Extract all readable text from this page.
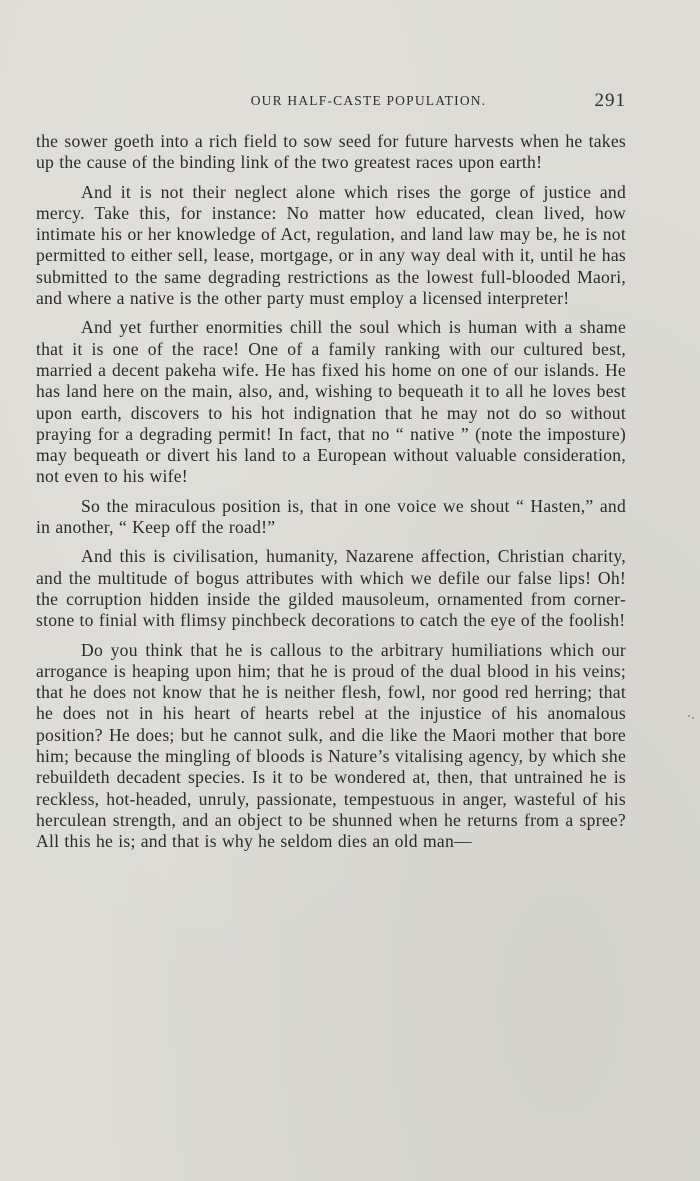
OUR HALF-CASTE POPULATION.	291

the sower goeth into a rich field to sow seed for future harvests when he takes up the cause of the binding link of the two greatest races upon earth!

And it is not their neglect alone which rises the gorge of justice and mercy. Take this, for instance: No matter how educated, clean lived, how intimate his or her knowledge of Act, regulation, and land law may be, he is not permitted to either sell, lease, mortgage, or in any way deal with it, until he has submitted to the same degrading restrictions as the lowest full-blooded Maori, and where a native is the other party must employ a licensed interpreter!

And yet further enormities chill the soul which is human with a shame that it is one of the race! One of a family ranking with our cultured best, married a decent pakeha wife. He has fixed his home on one of our islands. He has land here on the main, also, and, wishing to bequeath it to all he loves best upon earth, discovers to his hot indignation that he may not do so without praying for a degrading permit! In fact, that no “ native ” (note the imposture) may bequeath or divert his land to a European without valuable consideration, not even to his wife!

So the miraculous position is, that in one voice we shout “ Hasten,” and in another, “ Keep off the road!”

And this is civilisation, humanity, Nazarene affection, Christian charity, and the multitude of bogus attributes with which we defile our false lips! Oh! the corruption hidden inside the gilded mausoleum, ornamented from corner-stone to finial with flimsy pinchbeck decorations to catch the eye of the foolish!

Do you think that he is callous to the arbitrary humiliations which our arrogance is heaping upon him; that he is proud of the dual blood in his veins; that he does not know that he is neither flesh, fowl, nor good red herring; that he does not in his heart of hearts rebel at the injustice of his anomalous position? He does; but he cannot sulk, and die like the Maori mother that bore him; because the mingling of bloods is Nature’s vitalising agency, by which she rebuildeth decadent species. Is it to be wondered at, then, that untrained he is reckless, hot-headed, unruly, passionate, tempestuous in anger, wasteful of his herculean strength, and an object to be shunned when he returns from a spree? All this he is; and that is why he seldom dies an old man—
